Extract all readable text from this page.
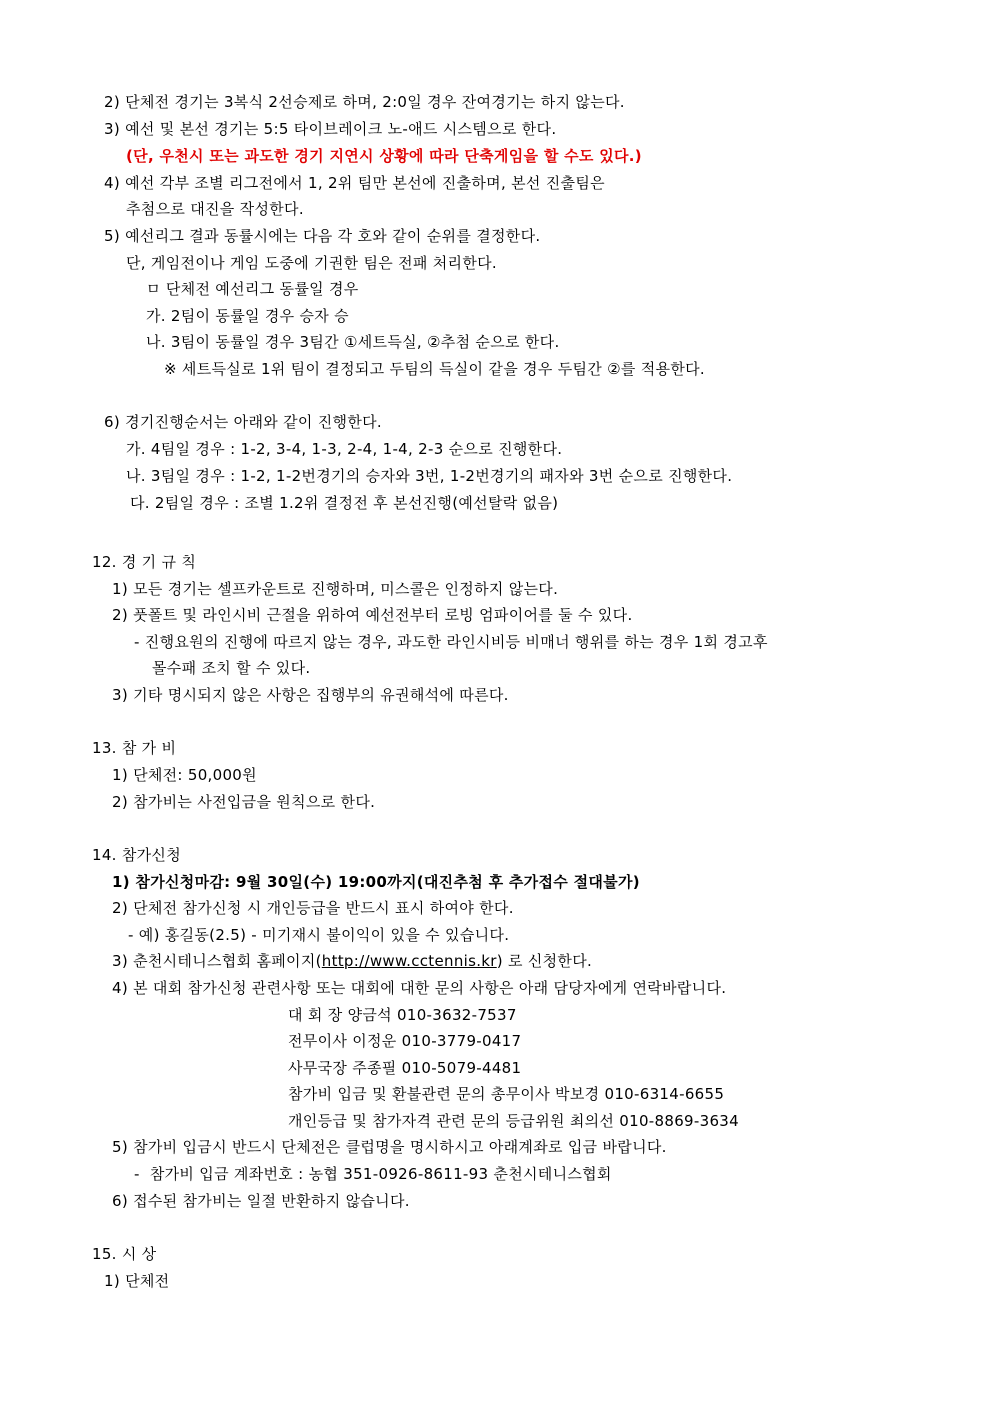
2) 단체전 경기는 3복식 2선승제로 하며, 2:0일 경우 잔여경기는 하지 않는다.
3) 예선 및 본선 경기는 5:5 타이브레이크 노-애드 시스템으로 한다.
(단, 우천시 또는 과도한 경기 지연시 상황에 따라 단축게임을 할 수도 있다.)
4) 예선 각부 조별 리그전에서 1, 2위 팀만 본선에 진출하며, 본선 진출팀은
추첨으로 대진을 작성한다.
5) 예선리그 결과 동률시에는 다음 각 호와 같이 순위를 결정한다.
단, 게임전이나 게임 도중에 기권한 팀은 전패 처리한다.
ㅁ 단체전 예선리그 동률일 경우
가. 2팀이 동률일 경우 승자 승
나. 3팀이 동률일 경우 3팀간 ①세트득실, ②추첨 순으로 한다.
※ 세트득실로 1위 팀이 결정되고 두팀의 득실이 같을 경우 두팀간 ②를 적용한다.
6) 경기진행순서는 아래와 같이 진행한다.
가. 4팀일 경우 : 1-2, 3-4, 1-3, 2-4, 1-4, 2-3 순으로 진행한다.
나. 3팀일 경우 : 1-2, 1-2번경기의 승자와 3번, 1-2번경기의 패자와 3번 순으로 진행한다.
다. 2팀일 경우 : 조별 1.2위 결정전 후 본선진행(예선탈락 없음)
12. 경 기 규 칙
1) 모든 경기는 셀프카운트로 진행하며, 미스콜은 인정하지 않는다.
2) 풋폴트 및 라인시비 근절을 위하여 예선전부터 로빙 엄파이어를 둘 수 있다.
- 진행요원의 진행에 따르지 않는 경우, 과도한 라인시비등 비매너 행위를 하는 경우 1회 경고후
몰수패 조치 할 수 있다.
3) 기타 명시되지 않은 사항은 집행부의 유권해석에 따른다.
13. 참 가 비
1) 단체전: 50,000원
2) 참가비는 사전입금을 원칙으로 한다.
14. 참가신청
1) 참가신청마감: 9월 30일(수) 19:00까지(대진추첨 후 추가접수 절대불가)
2) 단체전 참가신청 시 개인등급을 반드시 표시 하여야 한다.
- 예) 홍길동(2.5) - 미기재시 불이익이 있을 수 있습니다.
3) 춘천시테니스협회 홈페이지(http://www.cctennis.kr) 로 신청한다.
4) 본 대회 참가신청 관련사항 또는 대회에 대한 문의 사항은 아래 담당자에게 연락바랍니다.
대 회 장 양금석 010-3632-7537
전무이사 이정운 010-3779-0417
사무국장 주종필 010-5079-4481
참가비 입금 및 환불관련 문의 총무이사 박보경 010-6314-6655
개인등급 및 참가자격 관련 문의 등급위원 최의선 010-8869-3634
5) 참가비 입금시 반드시 단체전은 클럽명을 명시하시고 아래계좌로 입금 바랍니다.
-  참가비 입금 계좌번호 : 농협 351-0926-8611-93 춘천시테니스협회
6) 접수된 참가비는 일절 반환하지 않습니다.
15. 시 상
1) 단체전
